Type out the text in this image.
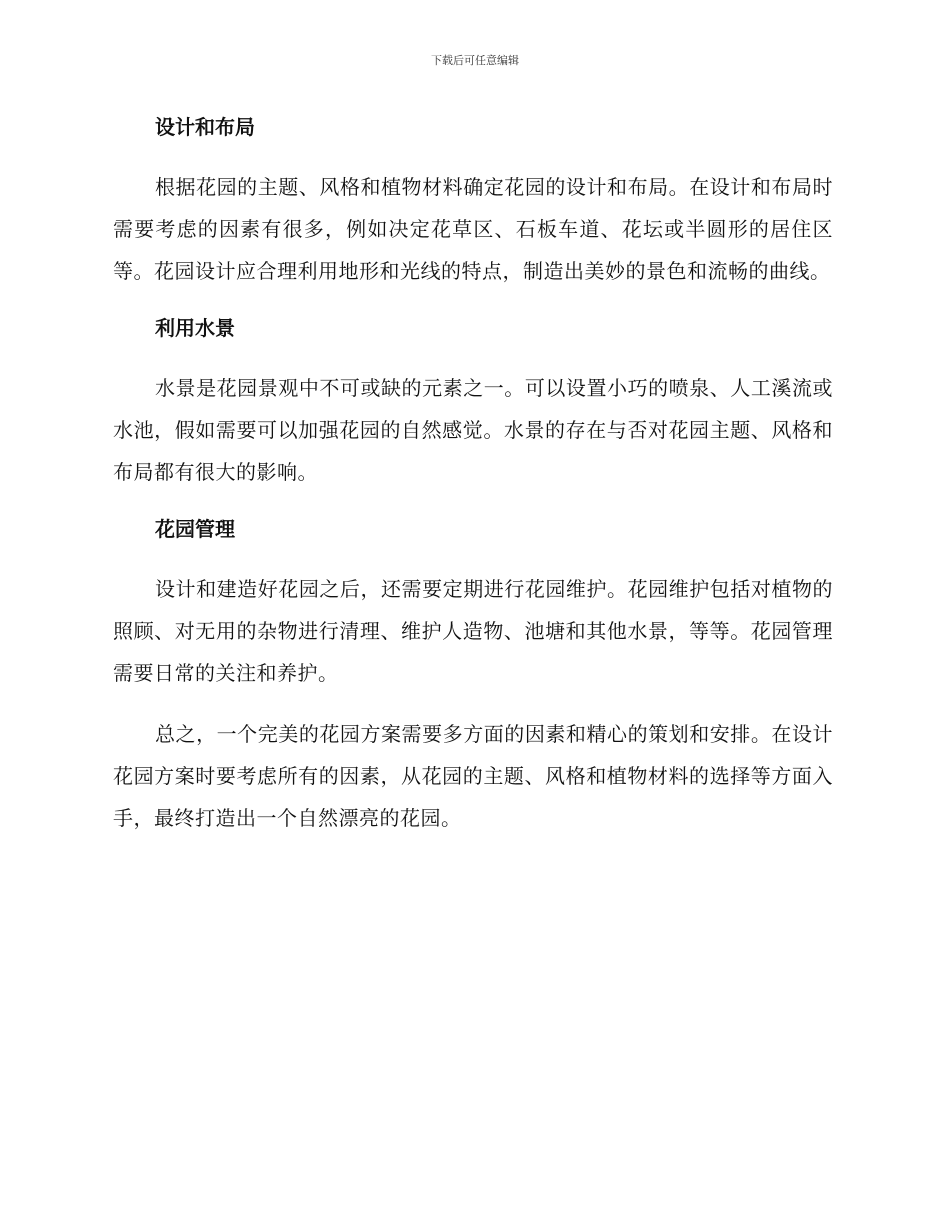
下载后可任意编辑
设计和布局

根据花园的主题、风格和植物材料确定花园的设计和布局。在设计和布局时需要考虑的因素有很多，例如决定花草区、石板车道、花坛或半圆形的居住区等。花园设计应合理利用地形和光线的特点，制造出美妙的景色和流畅的曲线。

利用水景

水景是花园景观中不可或缺的元素之一。可以设置小巧的喷泉、人工溪流或水池，假如需要可以加强花园的自然感觉。水景的存在与否对花园主题、风格和布局都有很大的影响。

花园管理

设计和建造好花园之后，还需要定期进行花园维护。花园维护包括对植物的照顾、对无用的杂物进行清理、维护人造物、池塘和其他水景，等等。花园管理需要日常的关注和养护。

总之，一个完美的花园方案需要多方面的因素和精心的策划和安排。在设计花园方案时要考虑所有的因素，从花园的主题、风格和植物材料的选择等方面入手，最终打造出一个自然漂亮的花园。
